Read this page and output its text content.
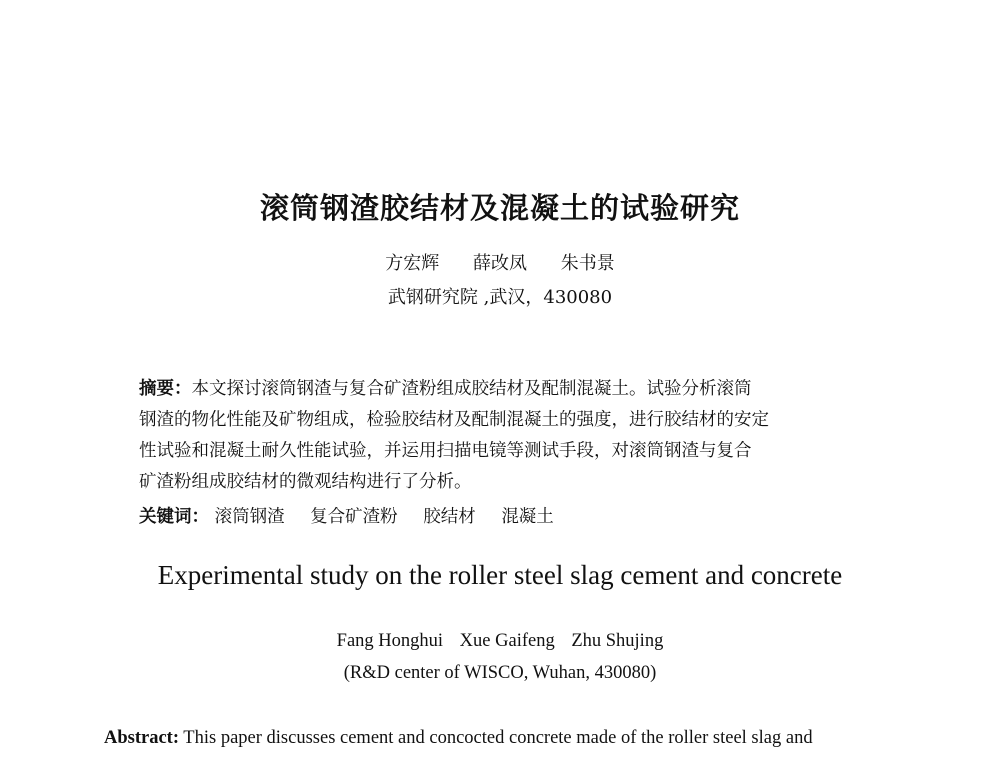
滚筒钢渣胶结材及混凝土的试验研究
方宏辉 薛改凤 朱书景
武钢研究院 ,武汉，430080
摘要：本文探讨滚筒钢渣与复合矿渣粉组成胶结材及配制混凝土。试验分析滚筒
钢渣的物化性能及矿物组成，检验胶结材及配制混凝土的强度，进行胶结材的安定
性试验和混凝土耐久性能试验，并运用扫描电镜等测试手段，对滚筒钢渣与复合
矿渣粉组成胶结材的微观结构进行了分析。
关键词： 滚筒钢渣 复合矿渣粉 胶结材 混凝土
Experimental study on the roller steel slag cement and concrete
Fang Honghui Xue Gaifeng Zhu Shujing
(R&D center of WISCO, Wuhan, 430080)
Abstract: This paper discusses cement and concocted concrete made of the roller steel slag and
